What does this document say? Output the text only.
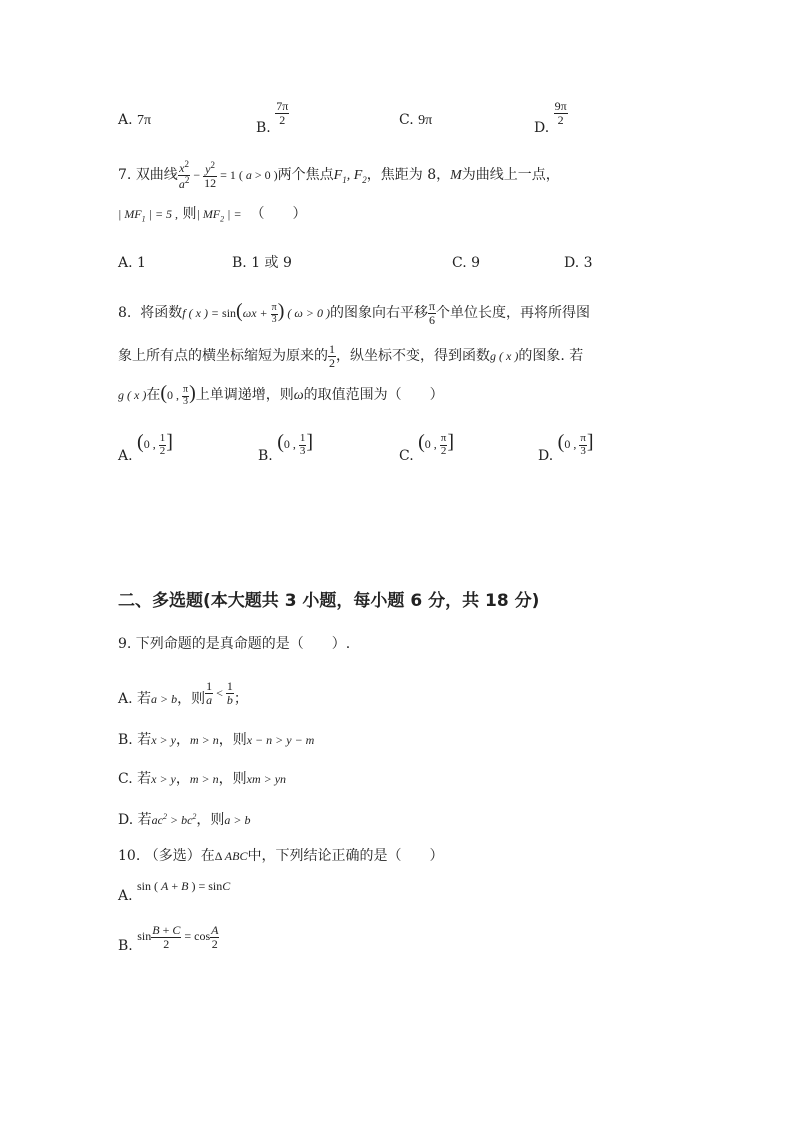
A. 7π	B.
$\frac{7\pi}{2}$	C. 9π	D.
$\frac{9\pi}{2}$
7. 双曲线 $\frac{x^2}{a^2} - \frac{y^2}{12} = 1$ ( a > 0 )两个焦点$F_1$, $F_2$，焦距为 8，M为曲线上一点，
| $MF_1$ | = 5 , 则| $MF_2$ | = （　　）
A. 1	B. 1 或 9	C. 9	D. 3
8. 将函数f ( x ) = $\sin(\omega x + \frac{\pi}{3}$ ) ( ω > 0 )的图象向右平移 $\frac{\pi}{6}$ 个单位长度，再将所得图
象上所有点的横坐标缩短为原来的 $\frac{1}{2}$ ，纵坐标不变，得到函数g ( x )的图象. 若
g ( x )在(0 , $\frac{\pi}{3}$ )上单调递增，则ω的取值范围为（　　）
A. (0 , $\frac{1}{2}$ ]
B. (0 , $\frac{1}{3}$ ]
C. (0 , $\frac{\pi}{2}$ ]
D. (0 , $\frac{\pi}{3}$ ]
二、多选题(本大题共 3 小题，每小题 6 分，共 18 分)
9. 下列命题的是真命题的是（　　）.
A. 若a > b，则 $\frac{1}{a} < \frac{1}{b}$ ；
B. 若x > y，m > n，则x − n > y − m
C. 若x > y，m > n，则xm > yn
D. 若$ac^2 > bc^2$，则a > b
10. （多选）在Δ ABC中，下列结论正确的是（　　）
A. sin ( A + B ) = sinC
B. $\sin \frac{B + C}{2} = \cos \frac{A}{2}$
